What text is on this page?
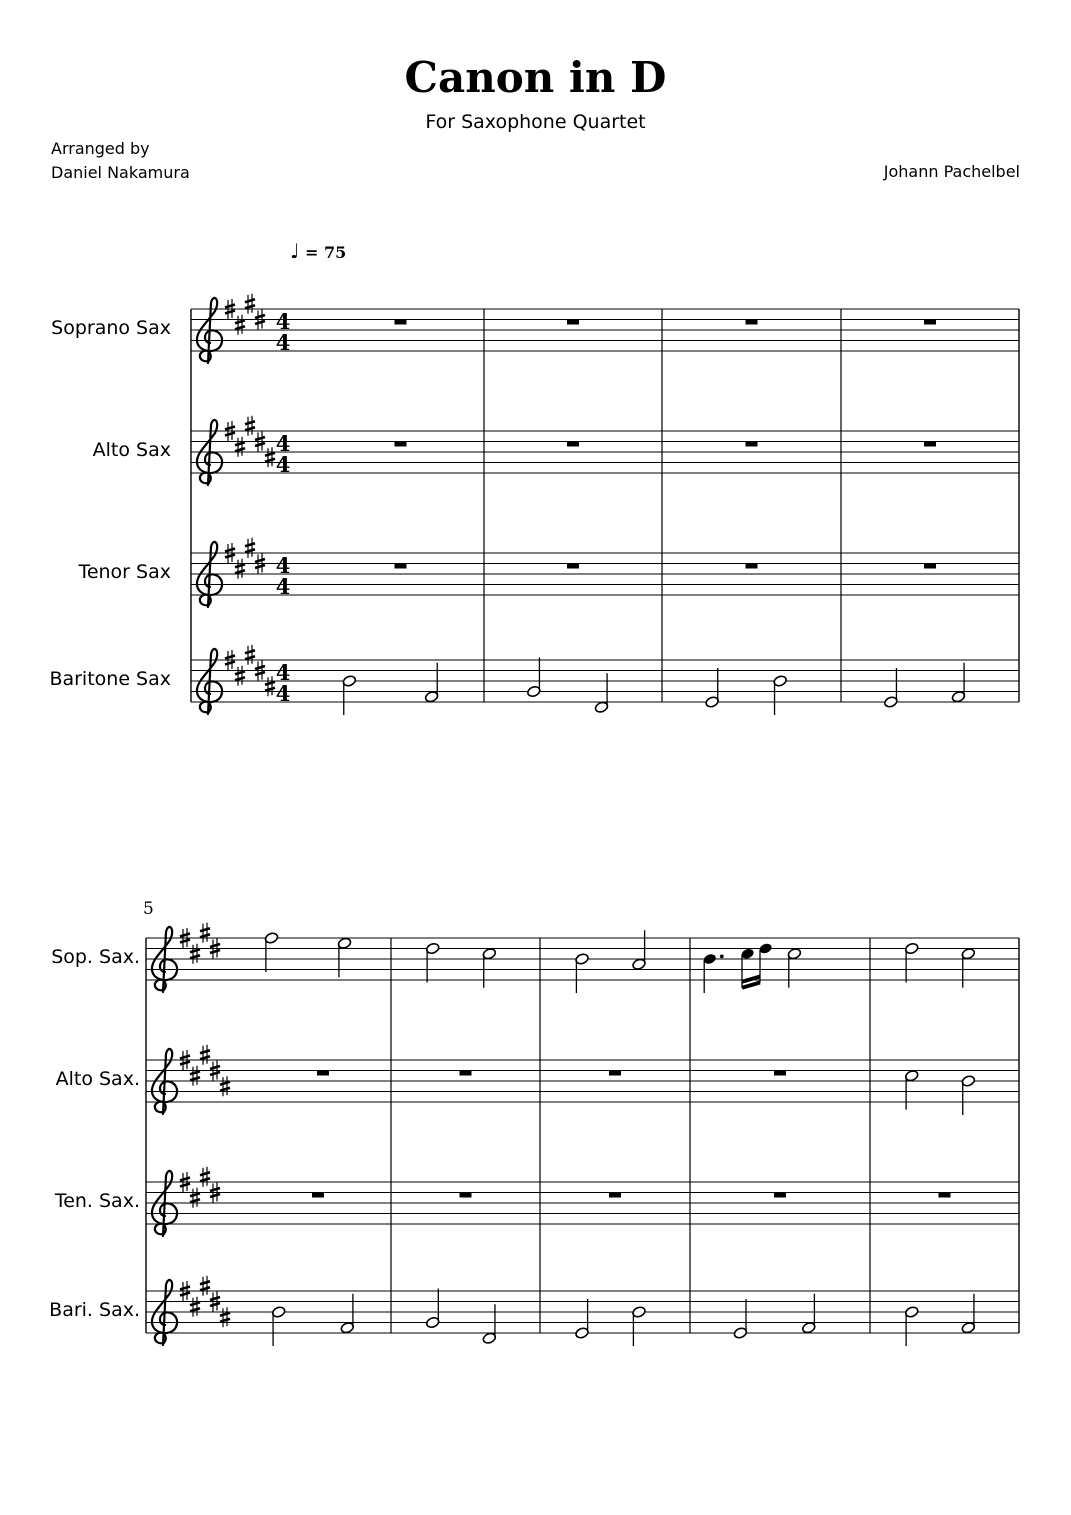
Canon in D
For Saxophone Quartet
Arranged by
Daniel Nakamura	Johann Pachelbel
♩ = 75
5
Soprano Sax
Alto Sax
Tenor Sax
Baritone Sax
Sop. Sax.
Alto Sax.
Ten. Sax.
Bari. Sax.
4
4
4
4
4
4
4
4
